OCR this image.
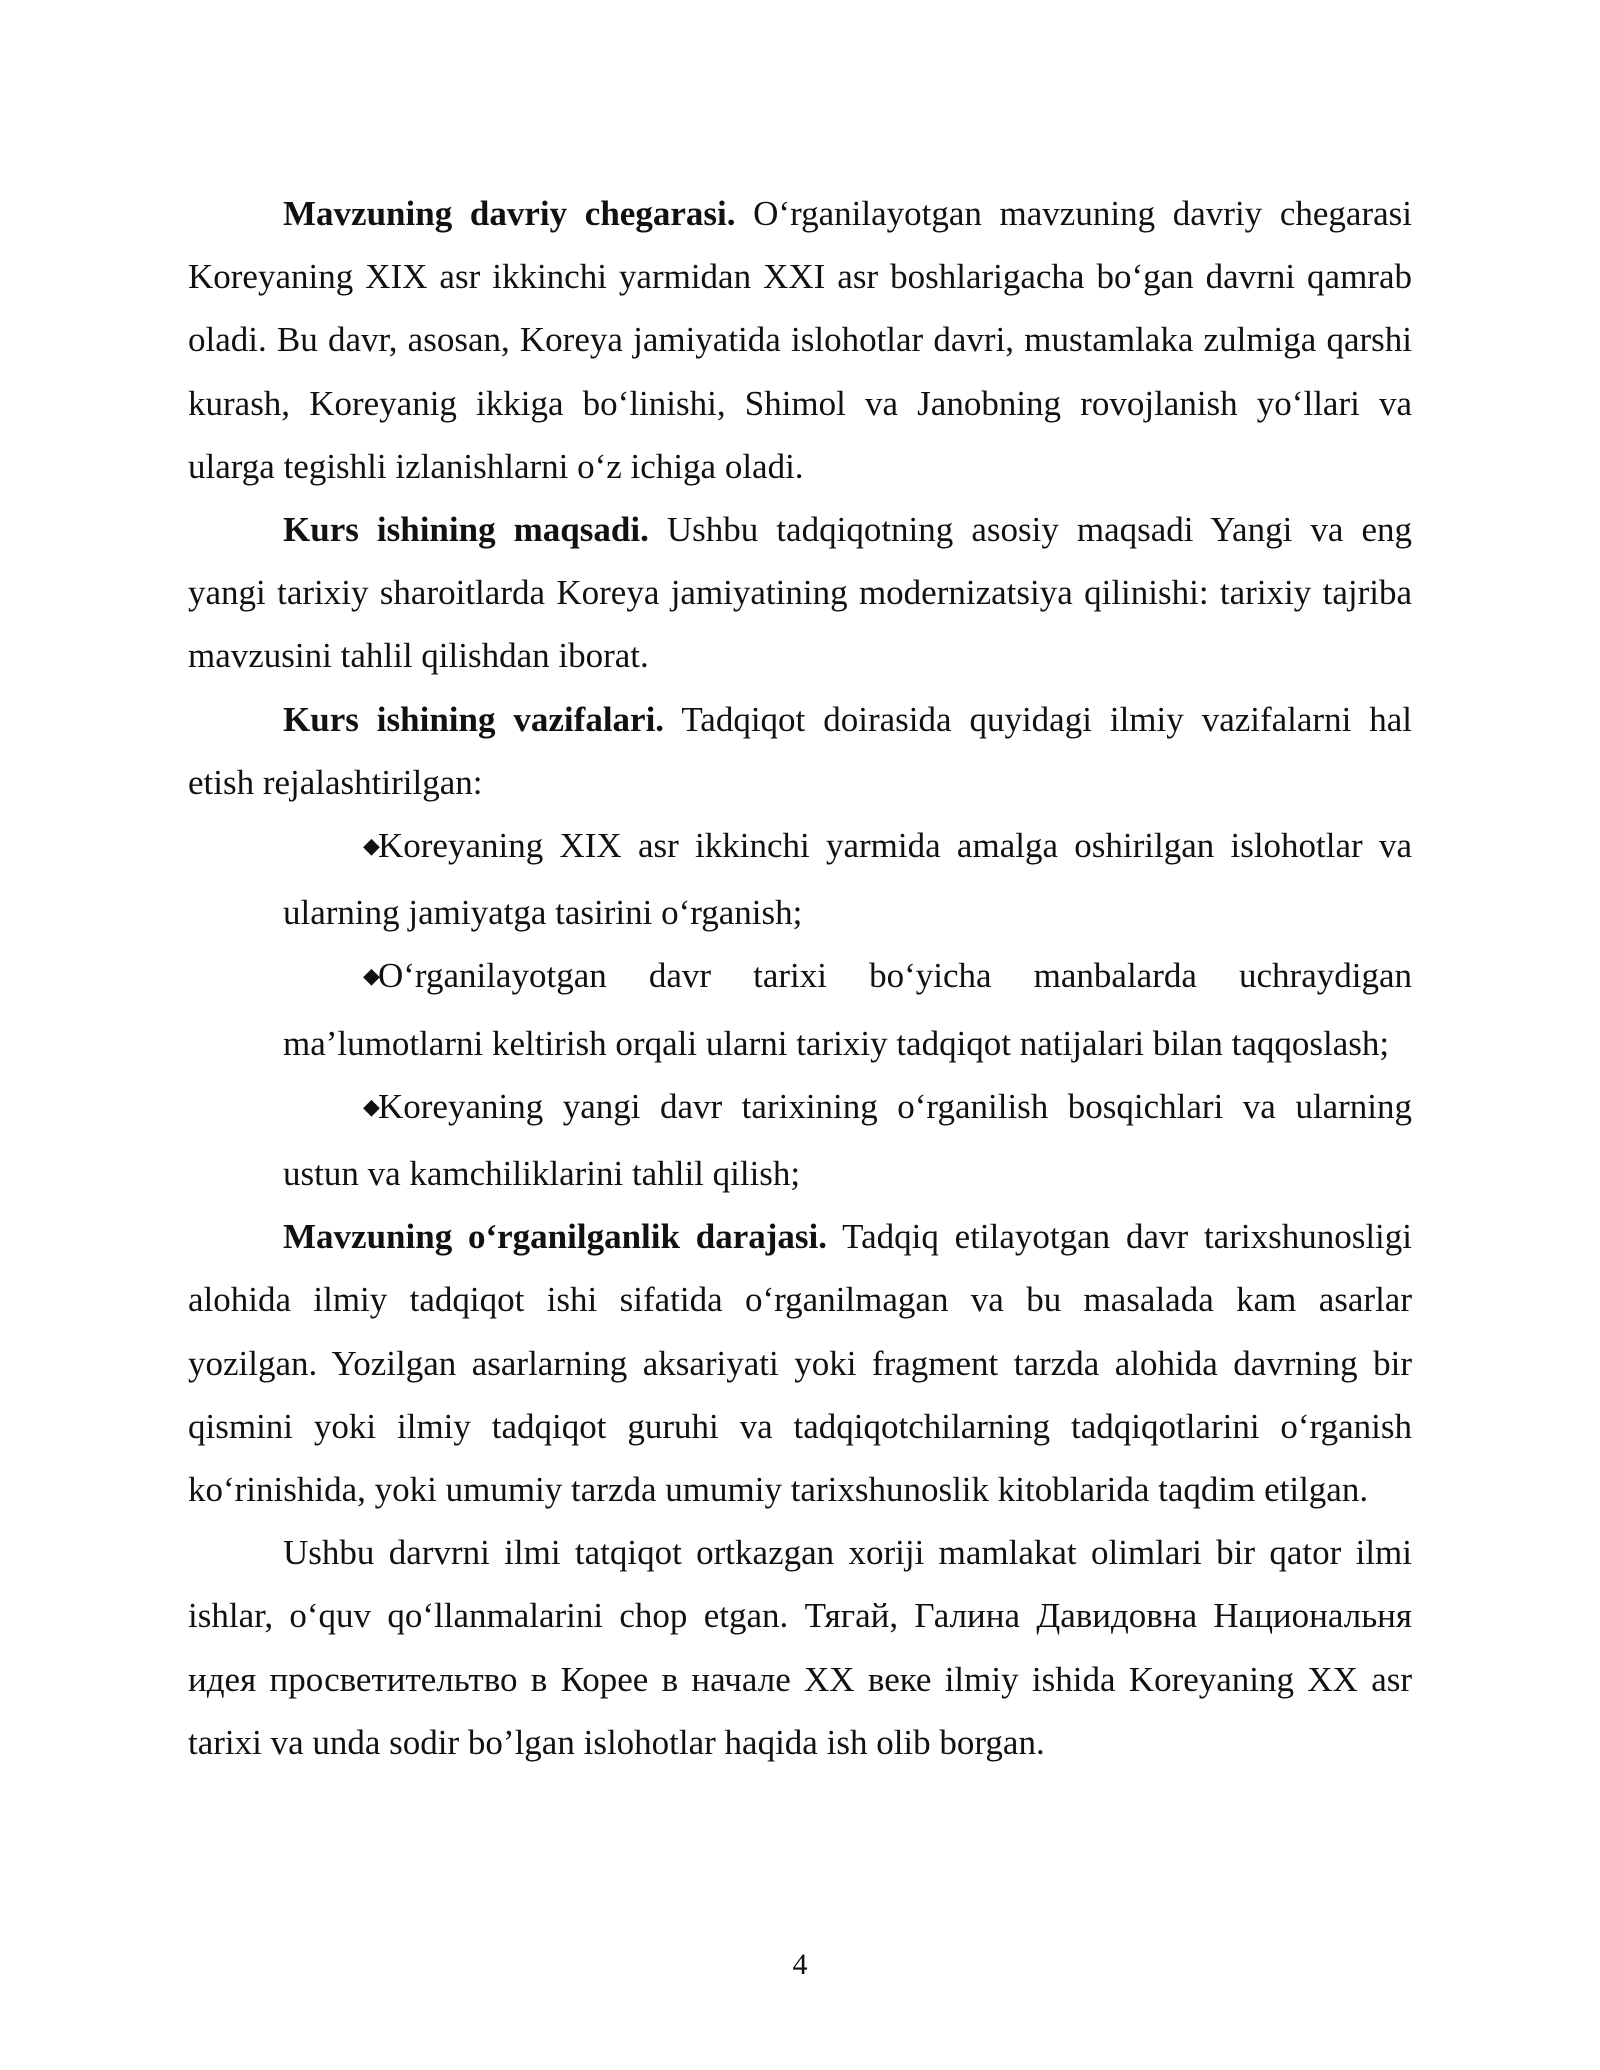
Mavzuning davriy chegarasi. O‘rganilayotgan mavzuning davriy chegarasi Koreyaning XIX asr ikkinchi yarmidan XXI asr boshlarigacha bo‘gan davrni qamrab oladi. Bu davr, asosan, Koreya jamiyatida islohotlar davri, mustamlaka zulmiga qarshi kurash, Koreyanig ikkiga bo‘linishi, Shimol va Janobning rovojlanish yo‘llari va ularga tegishli izlanishlarni o‘z ichiga oladi.

Kurs ishining maqsadi. Ushbu tadqiqotning asosiy maqsadi Yangi va eng yangi tarixiy sharoitlarda Koreya jamiyatining modernizatsiya qilinishi: tarixiy tajriba mavzusini tahlil qilishdan iborat.

Kurs ishining vazifalari. Tadqiqot doirasida quyidagi ilmiy vazifalarni hal etish rejalashtirilgan:

◆Koreyaning XIX asr ikkinchi yarmida amalga oshirilgan islohotlar va ularning jamiyatga tasirini o‘rganish;

◆O‘rganilayotgan davr tarixi bo‘yicha manbalarda uchraydigan ma’lumotlarni keltirish orqali ularni tarixiy tadqiqot natijalari bilan taqqoslash;

◆Koreyaning yangi davr tarixining o‘rganilish bosqichlari va ularning ustun va kamchiliklarini tahlil qilish;

Mavzuning o‘rganilganlik darajasi. Tadqiq etilayotgan davr tarixshunosligi alohida ilmiy tadqiqot ishi sifatida o‘rganilmagan va bu masalada kam asarlar yozilgan. Yozilgan asarlarning aksariyati yoki fragment tarzda alohida davrning bir qismini yoki ilmiy tadqiqot guruhi va tadqiqotchilarning tadqiqotlarini o‘rganish ko‘rinishida, yoki umumiy tarzda umumiy tarixshunoslik kitoblarida taqdim etilgan.

Ushbu darvrni ilmi tatqiqot ortkazgan xoriji mamlakat olimlari bir qator ilmi ishlar, o‘quv qo‘llanmalarini chop etgan. Тягай, Галина Давидовна Национальня идея просветительтво в Корее в начале ХХ веке ilmiy ishida Koreyaning XX asr tarixi va unda sodir bo’lgan islohotlar haqida ish olib borgan.

4
